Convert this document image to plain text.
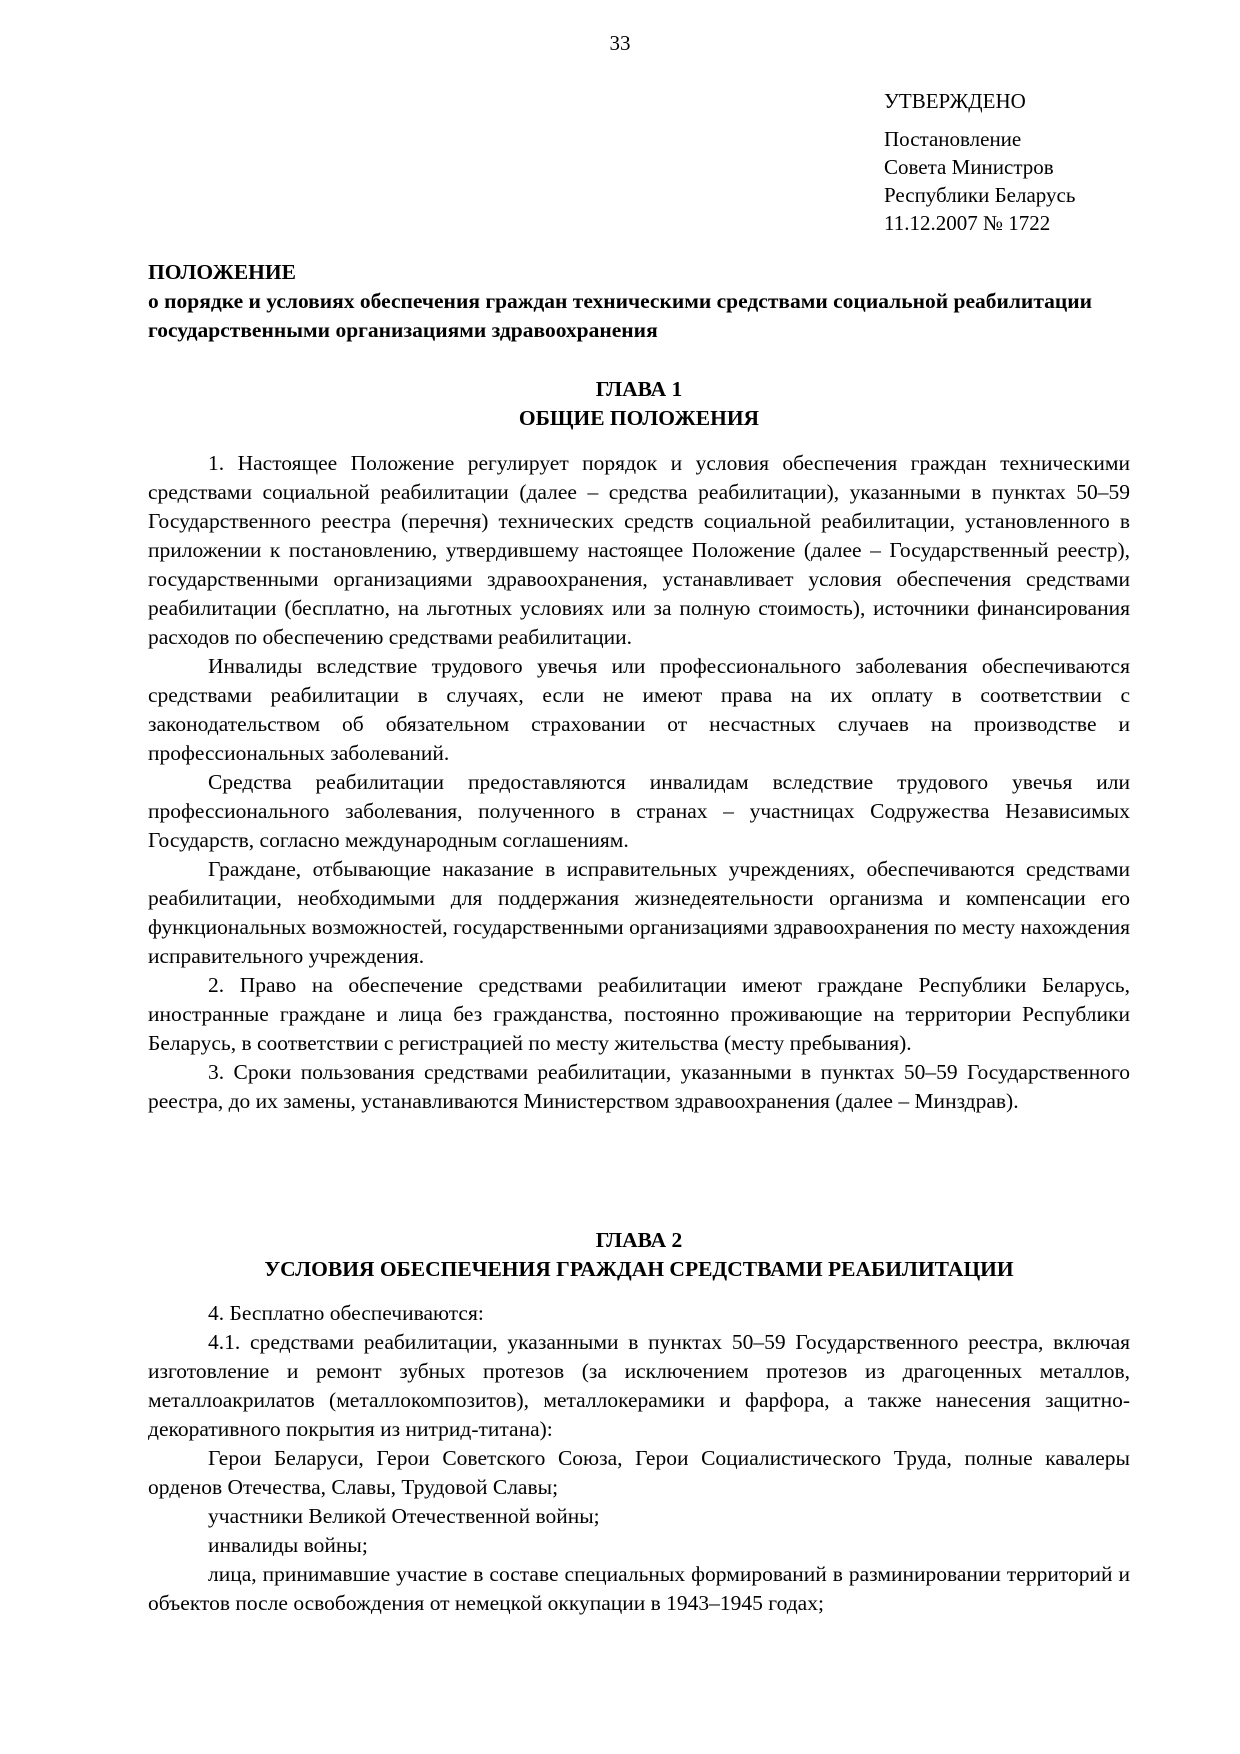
33
УТВЕРЖДЕНО
Постановление
Совета Министров
Республики Беларусь
11.12.2007 № 1722
ПОЛОЖЕНИЕ
о порядке и условиях обеспечения граждан техническими средствами социальной реабилитации государственными организациями здравоохранения
ГЛАВА 1
ОБЩИЕ ПОЛОЖЕНИЯ

1. Настоящее Положение регулирует порядок и условия обеспечения граждан техническими средствами социальной реабилитации (далее – средства реабилитации), указанными в пунктах 50–59 Государственного реестра (перечня) технических средств социальной реабилитации, установленного в приложении к постановлению, утвердившему настоящее Положение (далее – Государственный реестр), государственными организациями здравоохранения, устанавливает условия обеспечения средствами реабилитации (бесплатно, на льготных условиях или за полную стоимость), источники финансирования расходов по обеспечению средствами реабилитации.

Инвалиды вследствие трудового увечья или профессионального заболевания обеспечиваются средствами реабилитации в случаях, если не имеют права на их оплату в соответствии с законодательством об обязательном страховании от несчастных случаев на производстве и профессиональных заболеваний.

Средства реабилитации предоставляются инвалидам вследствие трудового увечья или профессионального заболевания, полученного в странах – участницах Содружества Независимых Государств, согласно международным соглашениям.

Граждане, отбывающие наказание в исправительных учреждениях, обеспечиваются средствами реабилитации, необходимыми для поддержания жизнедеятельности организма и компенсации его функциональных возможностей, государственными организациями здравоохранения по месту нахождения исправительного учреждения.

2. Право на обеспечение средствами реабилитации имеют граждане Республики Беларусь, иностранные граждане и лица без гражданства, постоянно проживающие на территории Республики Беларусь, в соответствии с регистрацией по месту жительства (месту пребывания).

3. Сроки пользования средствами реабилитации, указанными в пунктах 50–59 Государственного реестра, до их замены, устанавливаются Министерством здравоохранения (далее – Минздрав).

ГЛАВА 2
УСЛОВИЯ ОБЕСПЕЧЕНИЯ ГРАЖДАН СРЕДСТВАМИ РЕАБИЛИТАЦИИ

4. Бесплатно обеспечиваются:

4.1. средствами реабилитации, указанными в пунктах 50–59 Государственного реестра, включая изготовление и ремонт зубных протезов (за исключением протезов из драгоценных металлов, металлоакрилатов (металлокомпозитов), металлокерамики и фарфора, а также нанесения защитно-декоративного покрытия из нитрид-титана):

Герои Беларуси, Герои Советского Союза, Герои Социалистического Труда, полные кавалеры орденов Отечества, Славы, Трудовой Славы;

участники Великой Отечественной войны;

инвалиды войны;

лица, принимавшие участие в составе специальных формирований в разминировании территорий и объектов после освобождения от немецкой оккупации в 1943–1945 годах;
